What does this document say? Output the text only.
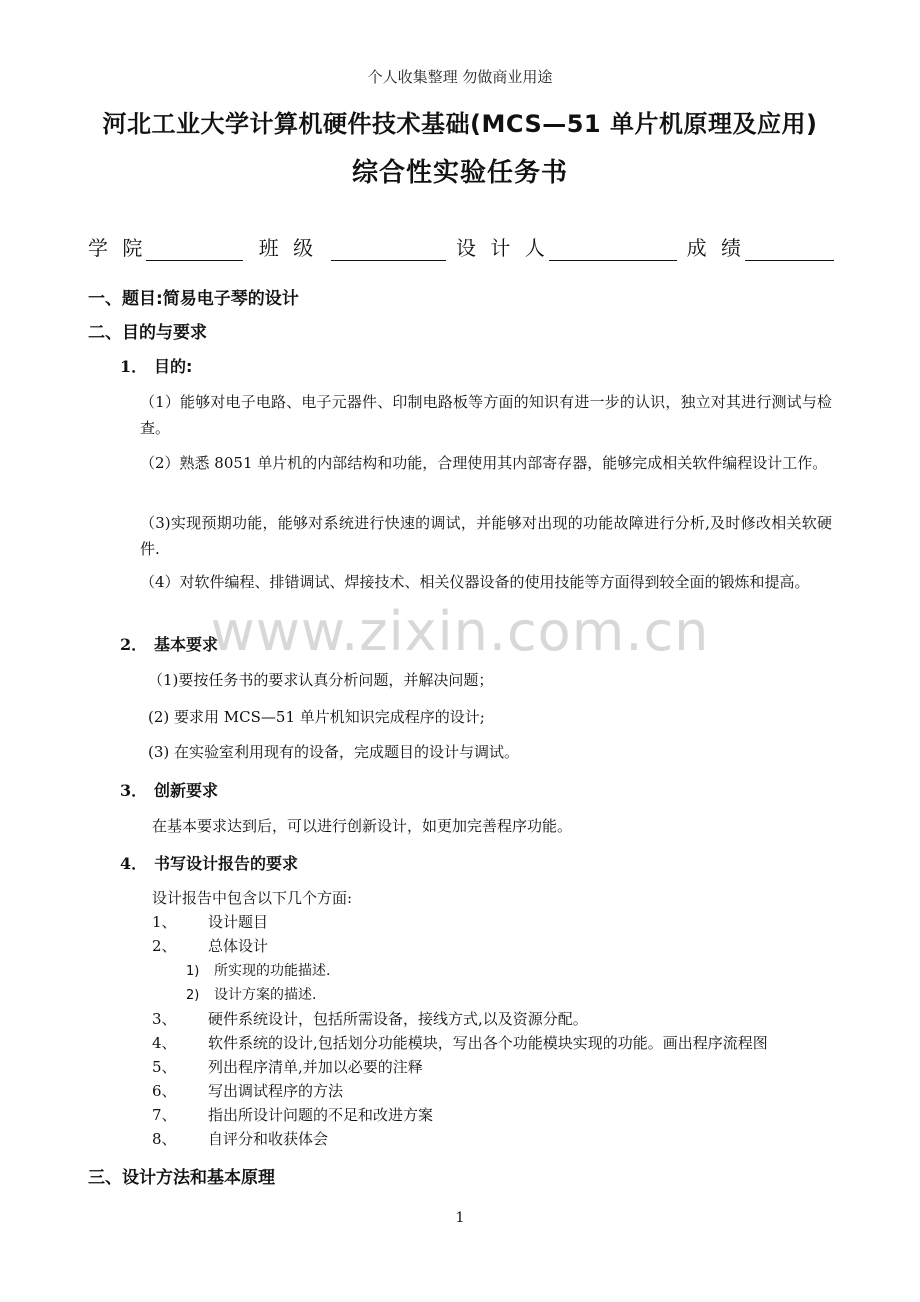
个人收集整理 勿做商业用途
河北工业大学计算机硬件技术基础(MCS—51 单片机原理及应用)
综合性实验任务书
学 院	班 级	设 计 人	成 绩
一、题目:简易电子琴的设计
二、目的与要求
1． 目的:
（1）能够对电子电路、电子元器件、印制电路板等方面的知识有进一步的认识，独立对其进行测试与检查。
（2）熟悉 8051 单片机的内部结构和功能，合理使用其内部寄存器，能够完成相关软件编程设计工作。
（3)实现预期功能，能够对系统进行快速的调试，并能够对出现的功能故障进行分析,及时修改相关软硬件.
（4）对软件编程、排错调试、焊接技术、相关仪器设备的使用技能等方面得到较全面的锻炼和提高。
2． 基本要求：
（1)要按任务书的要求认真分析问题，并解决问题；
(2) 要求用 MCS—51 单片机知识完成程序的设计;
(3) 在实验室利用现有的设备，完成题目的设计与调试。
3． 创新要求
在基本要求达到后，可以进行创新设计，如更加完善程序功能。
4． 书写设计报告的要求
设计报告中包含以下几个方面:
1、 设计题目
2、 总体设计
1) 所实现的功能描述.
2) 设计方案的描述.
3、 硬件系统设计，包括所需设备，接线方式,以及资源分配。
4、 软件系统的设计,包括划分功能模块，写出各个功能模块实现的功能。画出程序流程图
5、 列出程序清单,并加以必要的注释
6、 写出调试程序的方法
7、 指出所设计问题的不足和改进方案
8、 自评分和收获体会
三、设计方法和基本原理
www.zixin.com.cn
1
